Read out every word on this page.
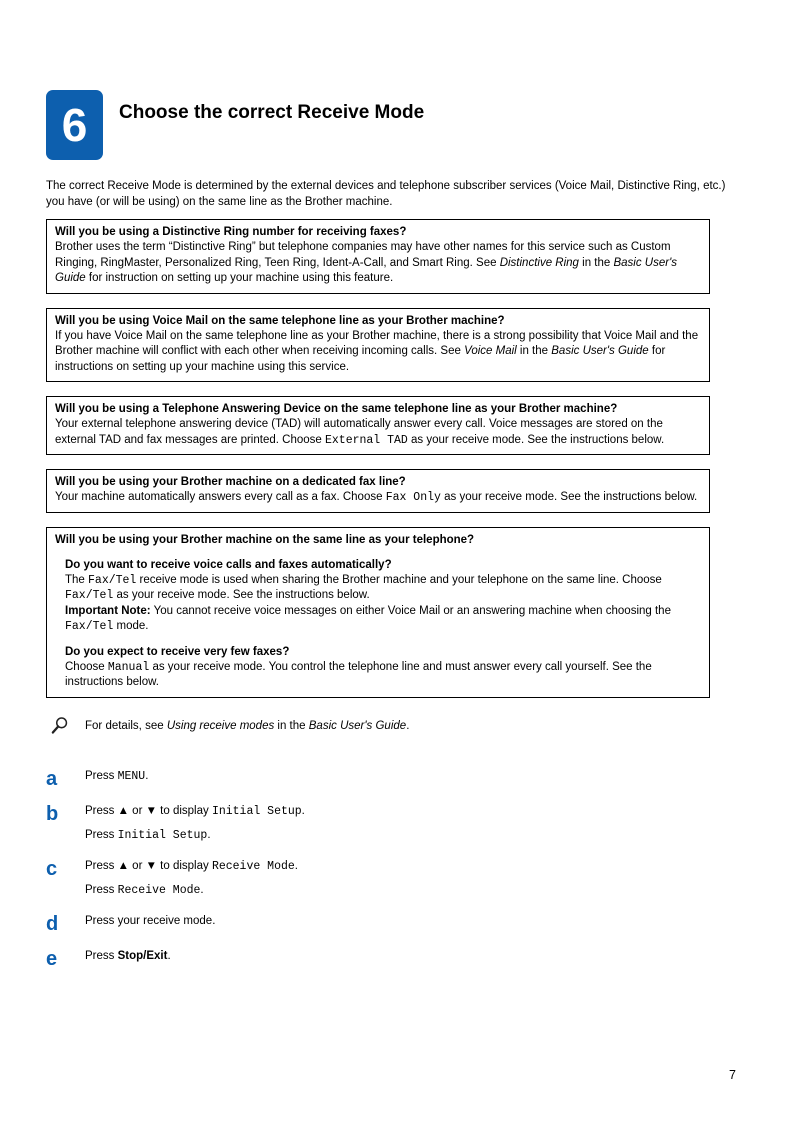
6 Choose the correct Receive Mode

The correct Receive Mode is determined by the external devices and telephone subscriber services (Voice Mail, Distinctive Ring, etc.) you have (or will be using) on the same line as the Brother machine.

Will you be using a Distinctive Ring number for receiving faxes?

Brother uses the term “Distinctive Ring” but telephone companies may have other names for this service such as Custom Ringing, RingMaster, Personalized Ring, Teen Ring, Ident-A-Call, and Smart Ring. See Distinctive Ring in the Basic User's Guide for instruction on setting up your machine using this feature.

Will you be using Voice Mail on the same telephone line as your Brother machine?

If you have Voice Mail on the same telephone line as your Brother machine, there is a strong possibility that Voice Mail and the Brother machine will conflict with each other when receiving incoming calls. See Voice Mail in the Basic User's Guide for instructions on setting up your machine using this service.

Will you be using a Telephone Answering Device on the same telephone line as your Brother machine?

Your external telephone answering device (TAD) will automatically answer every call. Voice messages are stored on the external TAD and fax messages are printed. Choose External TAD as your receive mode. See the instructions below.

Will you be using your Brother machine on a dedicated fax line?

Your machine automatically answers every call as a fax. Choose Fax Only as your receive mode. See the instructions below.

Will you be using your Brother machine on the same line as your telephone?
Do you want to receive voice calls and faxes automatically?

The Fax/Tel receive mode is used when sharing the Brother machine and your telephone on the same line. Choose Fax/Tel as your receive mode. See the instructions below.

Important Note: You cannot receive voice messages on either Voice Mail or an answering machine when choosing the Fax/Tel mode.

Do you expect to receive very few faxes?

Choose Manual as your receive mode. You control the telephone line and must answer every call yourself. See the instructions below.

For details, see Using receive modes in the Basic User's Guide.

a	Press MENU.

b	Press ▲ or ▼ to display Initial Setup.

Press Initial Setup.

c	Press ▲ or ▼ to display Receive Mode.

Press Receive Mode.

d	Press your receive mode.

e	Press Stop/Exit.

7
